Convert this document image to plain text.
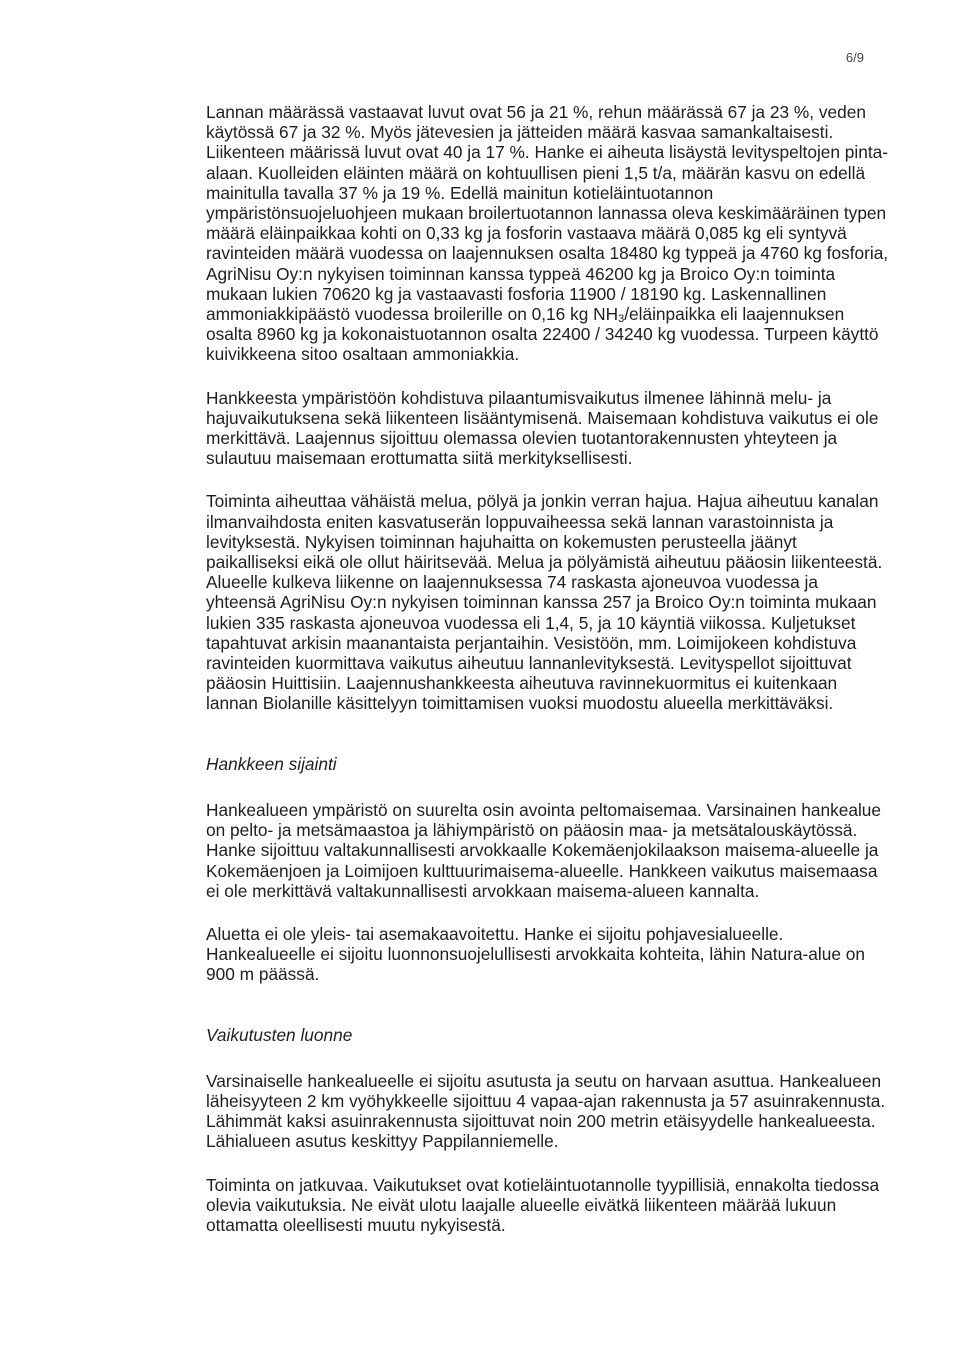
6/9

Lannan määrässä vastaavat luvut ovat 56 ja 21 %, rehun määrässä 67 ja 23 %, veden käytössä 67 ja 32 %. Myös jätevesien ja jätteiden määrä kasvaa samankaltaisesti. Liikenteen määrissä luvut ovat 40 ja 17 %. Hanke ei aiheuta lisäystä levityspeltojen pinta-alaan. Kuolleiden eläinten määrä on kohtuullisen pieni 1,5 t/a, määrän kasvu on edellä mainitulla tavalla 37 % ja 19 %. Edellä mainitun kotieläintuotannon ympäristönsuojeluohjeen mukaan broilertuotannon lannassa oleva keskimääräinen typen määrä eläinpaikkaa kohti on 0,33 kg ja fosforin vastaava määrä 0,085 kg eli syntyvä ravinteiden määrä vuodessa on laajennuksen osalta 18480 kg typpeä ja 4760 kg fosforia, AgriNisu Oy:n nykyisen toiminnan kanssa typpeä 46200 kg ja Broico Oy:n toiminta mukaan lukien 70620 kg ja vastaavasti fosforia 11900 / 18190 kg. Laskennallinen ammoniakkipäästö vuodessa broilerille on 0,16 kg $NH_3$/eläinpaikka eli laajennuksen osalta 8960 kg ja kokonaistuotannon osalta 22400 / 34240 kg vuodessa. Turpeen käyttö kuivikkeena sitoo osaltaan ammoniakkia.

Hankkeesta ympäristöön kohdistuva pilaantumisvaikutus ilmenee lähinnä melu- ja hajuvaikutuksena sekä liikenteen lisääntymisenä. Maisemaan kohdistuva vaikutus ei ole merkittävä. Laajennus sijoittuu olemassa olevien tuotantorakennusten yhteyteen ja sulautuu maisemaan erottumatta siitä merkityksellisesti.

Toiminta aiheuttaa vähäistä melua, pölyä ja jonkin verran hajua. Hajua aiheutuu kanalan ilmanvaihdosta eniten kasvatuserän loppuvaiheessa sekä lannan varastoinnista ja levityksestä. Nykyisen toiminnan hajuhaitta on kokemusten perusteella jäänyt paikalliseksi eikä ole ollut häiritsevää. Melua ja pölyämistä aiheutuu pääosin liikenteestä. Alueelle kulkeva liikenne on laajennuksessa 74 raskasta ajoneuvoa vuodessa ja yhteensä AgriNisu Oy:n nykyisen toiminnan kanssa 257 ja Broico Oy:n toiminta mukaan lukien 335 raskasta ajoneuvoa vuodessa eli 1,4, 5, ja 10 käyntiä viikossa. Kuljetukset tapahtuvat arkisin maanantaista perjantaihin. Vesistöön, mm. Loimijokeen kohdistuva ravinteiden kuormittava vaikutus aiheutuu lannanlevityksestä. Levityspellot sijoittuvat pääosin Huittisiin. Laajennushankkeesta aiheutuva ravinnekuormitus ei kuitenkaan lannan Biolanille käsittelyyn toimittamisen vuoksi muodostu alueella merkittäväksi.

Hankkeen sijainti

Hankealueen ympäristö on suurelta osin avointa peltomaisemaa. Varsinainen hankealue on pelto- ja metsämaastoa ja lähiympäristö on pääosin maa- ja metsätalouskäytössä. Hanke sijoittuu valtakunnallisesti arvokkaalle Kokemäenjokilaakson maisema-alueelle ja Kokemäenjoen ja Loimijoen kulttuurimaisema-alueelle. Hankkeen vaikutus maisemaasa ei ole merkittävä valtakunnallisesti arvokkaan maisema-alueen kannalta.

Aluetta ei ole yleis- tai asemakaavoitettu. Hanke ei sijoitu pohjavesialueelle. Hankealueelle ei sijoitu luonnonsuojelullisesti arvokkaita kohteita, lähin Natura-alue on 900 m päässä.

Vaikutusten luonne

Varsinaiselle hankealueelle ei sijoitu asutusta ja seutu on harvaan asuttua. Hankealueen läheisyyteen 2 km vyöhykkeelle sijoittuu 4 vapaa-ajan rakennusta ja 57 asuinrakennusta. Lähimmät kaksi asuinrakennusta sijoittuvat noin 200 metrin etäisyydelle hankealueesta. Lähialueen asutus keskittyy Pappilanniemelle.

Toiminta on jatkuvaa. Vaikutukset ovat kotieläintuotannolle tyypillisiä, ennakolta tiedossa olevia vaikutuksia. Ne eivät ulotu laajalle alueelle eivätkä liikenteen määrää lukuun ottamatta oleellisesti muutu nykyisestä.
